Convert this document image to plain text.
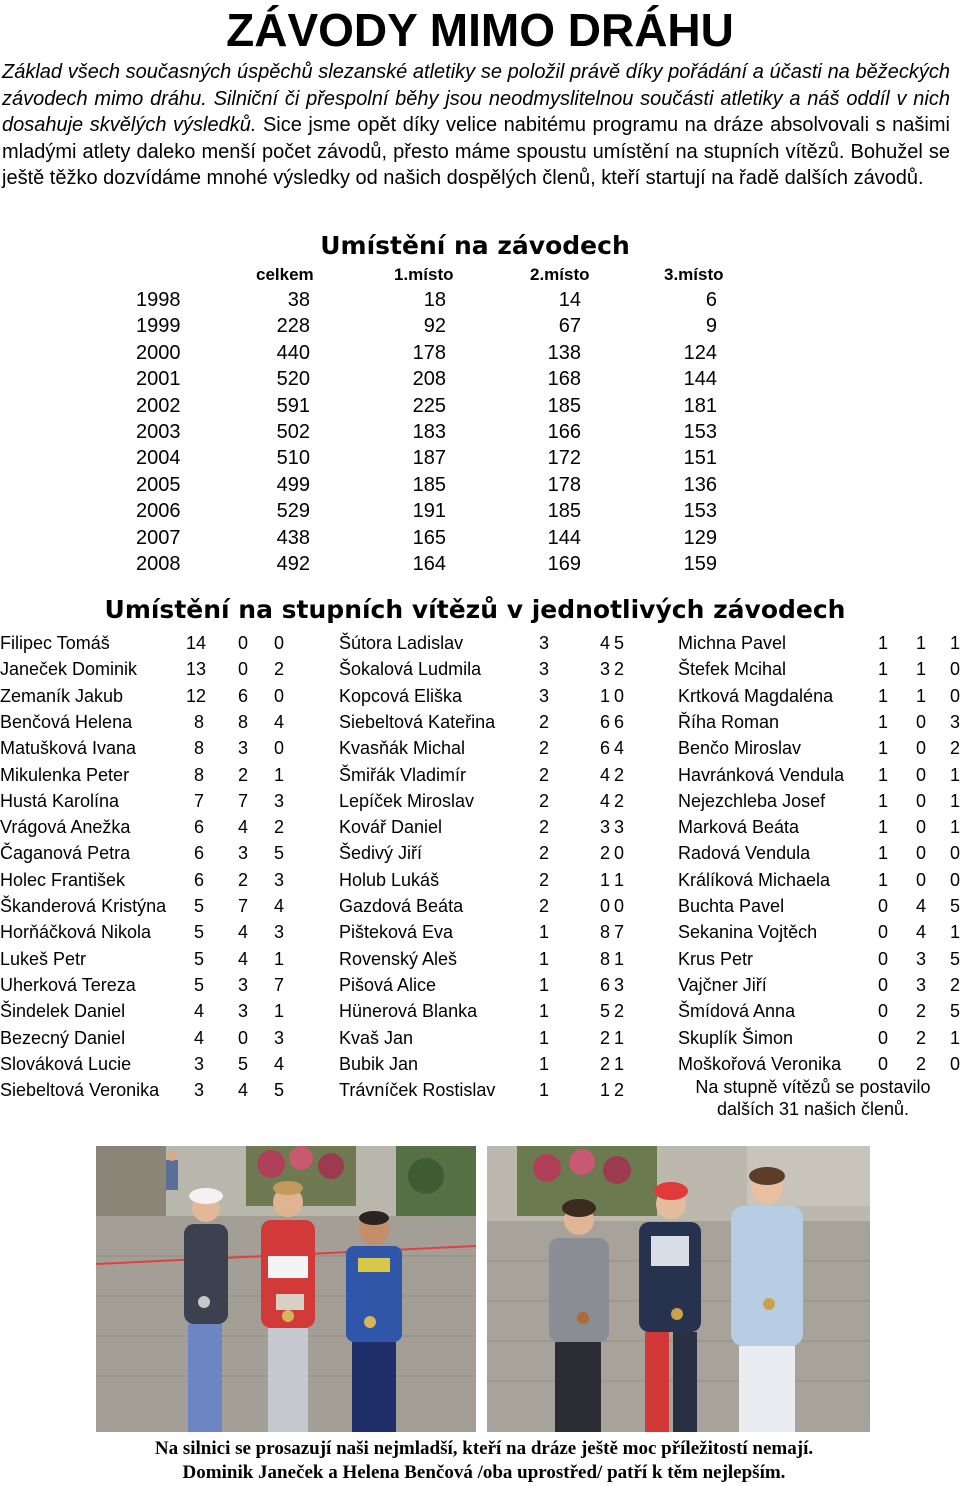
ZÁVODY MIMO DRÁHU
Základ všech současných úspěchů slezanské atletiky se položil právě díky pořádání a účasti na běžeckých závodech mimo dráhu. Silniční či přespolní běhy jsou neodmyslitelnou součásti atletiky a náš oddíl v nich dosahuje skvělých výsledků. Sice jsme opět díky velice nabitému programu na dráze absolvovali s našimi mladými atlety daleko menší počet závodů, přesto máme spoustu umístění na stupních vítězů. Bohužel se ještě těžko dozvídáme mnohé výsledky od našich dospělých členů, kteří startují na řadě dalších závodů.
Umístění na závodech
celkem	1.místo	2.místo	3.místo
1998	38	18	14	6
1999	228	92	67	9
2000	440	178	138	124
2001	520	208	168	144
2002	591	225	185	181
2003	502	183	166	153
2004	510	187	172	151
2005	499	185	178	136
2006	529	191	185	153
2007	438	165	144	129
2008	492	164	169	159
Umístění na stupních vítězů v jednotlivých závodech
Filipec Tomáš	14 0 0
Janeček Dominik	13 0 2
Zemaník Jakub	12 6 0
Benčová Helena	8 8 4
Matušková Ivana	8 3 0
Mikulenka Peter	8 2 1
Hustá Karolína	7 7 3
Vrágová Anežka	6 4 2
Čaganová Petra	6 3 5
Holec František	6 2 3
Škanderová Kristýna	5 7 4
Horňáčková Nikola	5 4 3
Lukeš Petr	5 4 1
Uherková Tereza	5 3 7
Šindelek Daniel	4 3 1
Bezecný Daniel	4 0 3
Slováková Lucie	3 5 4
Siebeltová Veronika	3 4 5
Šútora Ladislav	3	4 5
Šokalová Ludmila	3	3 2
Kopcová Eliška	3	1 0
Siebeltová Kateřina	2	6 6
Kvasňák Michal	2	6 4
Šmiřák Vladimír	2	4 2
Lepíček Miroslav	2	4 2
Kovář Daniel	2	3 3
Šedivý Jiří	2	2 0
Holub Lukáš	2	1 1
Gazdová Beáta	2	0 0
Pišteková Eva	1	8 7
Rovenský Aleš	1	8 1
Pišová Alice	1	6 3
Hünerová Blanka	1	5 2
Kvaš Jan	1	2 1
Bubik Jan	1	2 1
Trávníček Rostislav	1	1 2
Michna Pavel	1 1 1
Štefek Mcihal	1 1 0
Krtková Magdaléna	1 1 0
Říha Roman	1 0 3
Benčo Miroslav	1 0 2
Havránková Vendula	1 0 1
Nejezchleba Josef	1 0 1
Marková Beáta	1 0 1
Radová Vendula	1 0 0
Králíková Michaela	1 0 0
Buchta Pavel	0 4 5
Sekanina Vojtěch	0 4 1
Krus Petr	0 3 5
Vajčner Jiří	0 3 2
Šmídová Anna	0 2 5
Skuplík Šimon	0 2 1
Moškořová Veronika	0 2 0
Na stupně vítězů se postavilo
dalších 31 našich členů.
Na silnici se prosazují naši nejmladší, kteří na dráze ještě moc příležitostí nemají.
Dominik Janeček a Helena Benčová /oba uprostřed/ patří k těm nejlepším.
